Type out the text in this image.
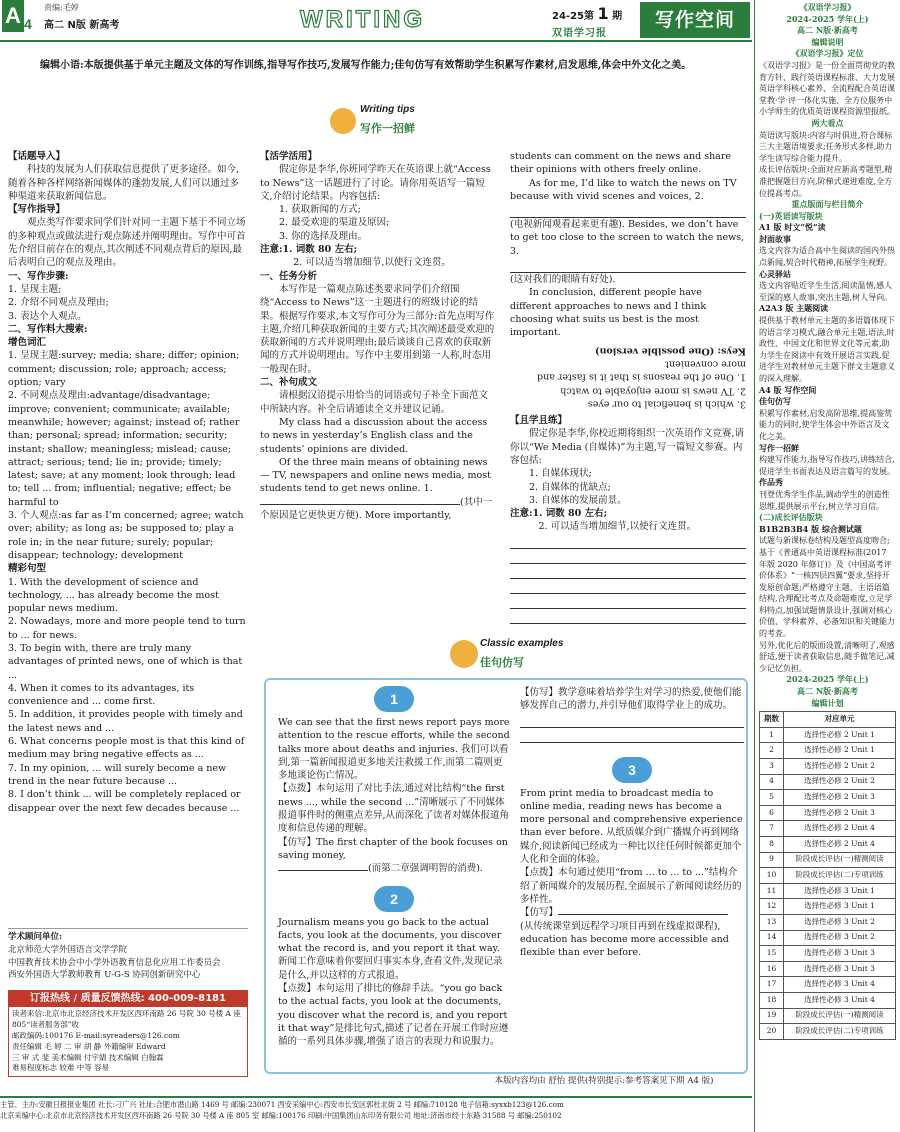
A 4
责编:毛婷
高二 N版 新高考	WRITING	24-25第 1 期
双语学习报
写作空间
编辑小语:本版提供基于单元主题及文体的写作训练,指导写作技巧,发展写作能力;佳句仿写有效帮助学生积累写作素材,启发思维,体会中外文化之美。
Writing tips
写作一招鲜
【话题导入】
科技的发展为人们获取信息提供了更多途径。如今,随着各种各样网络新闻媒体的蓬勃发展,人们可以通过多种渠道来获取新闻信息。
【写作指导】
观点类写作要求同学们针对同一主题下基于不同立场的多种观点或做法进行观点陈述并阐明理由。写作中可首先介绍目前存在的观点,其次阐述不同观点背后的原因,最后表明自己的观点及理由。
一、写作步骤:
1. 呈现主题;
2. 介绍不同观点及理由;
3. 表达个人观点。
二、写作料大搜索:
增色词汇
1. 呈现主题:survey; media; share; differ; opinion; comment; discussion; role; approach; access; option; vary
2. 不同观点及理由:advantage/disadvantage; improve; convenient; communicate; available; meanwhile; however; against; instead of; rather than; personal; spread; information; security; instant; shallow; meaningless; mislead; cause; attract; serious; tend; lie in; provide; timely; latest; save; at any moment; look through; lead to; tell ... from; influential; negative; effect; be harmful to
3. 个人观点:as far as I’m concerned; agree; watch over; ability; as long as; be supposed to; play a role in; in the near future; surely; popular; disappear; technology; development
精彩句型
1. With the development of science and technology, ... has already become the most popular news medium.
2. Nowadays, more and more people tend to turn to ... for news.
3. To begin with, there are truly many advantages of printed news, one of which is that ...
4. When it comes to its advantages, its convenience and ... come first.
5. In addition, it provides people with timely and the latest news and ...
6. What concerns people most is that this kind of medium may bring negative effects as ...
7. In my opinion, ... will surely become a new trend in the near future because ...
8. I don’t think ... will be completely replaced or disappear over the next few decades because ...
【活学活用】
假定你是李华,你班同学昨天在英语课上就“Access to News”这一话题进行了讨论。请你用英语写一篇短文,介绍讨论结果。内容包括:
1. 获取新闻的方式;
2. 最受欢迎的渠道及原因;
3. 你的选择及理由。
注意:1. 词数 80 左右;
2. 可以适当增加细节,以使行文连贯。
一、任务分析
本写作是一篇观点陈述类要求同学们介绍围绕“Access to News”这一主题进行的班级讨论的结果。根据写作要求,本文写作可分为三部分:首先点明写作主题,介绍几种获取新闻的主要方式;其次阐述最受欢迎的获取新闻的方式并说明理由;最后谈谈自己喜欢的获取新闻的方式并说明理由。写作中主要用到第一人称,时态用一般现在时。
二、补句成文
请根据汉语提示用恰当的词语或句子补全下面范文中所缺内容。补全后请通读全文并建议记诵。
My class had a discussion about the access to news in yesterday’s English class and the students’ opinions are divided.
Of the three main means of obtaining news — TV, newspapers and online news media, most students tend to get news online. 1.
(其中一个原因是它更快更方便). More importantly,
students can comment on the news and share their opinions with others freely online.
As for me, I’d like to watch the news on TV because with vivid scenes and voices, 2.
(电视新闻观看起来更有趣). Besides, we don’t have to get too close to the screen to watch the news, 3.
(这对我们的眼睛有好处).
In conclusion, different people have different approaches to news and I think choosing what suits us best is the most important.
3. which is beneficial to our eyes
2. TV news is more enjoyable to watch
1. One of the reasons is that it is faster and more convenient
Keys: (One possible version)
【且学且练】
假定你是李华,你校近期将组织一次英语作文竞赛,请你以“We Media (自媒体)”为主题,写一篇短文参赛。内容包括:
1. 自媒体现状;
2. 自媒体的优缺点;
3. 自媒体的发展前景。
注意:1. 词数 80 左右;
2. 可以适当增加细节,以使行文连贯。
学术顾问单位:
北京师范大学外国语言文学学院
中国教育技术协会中小学外语教育信息化应用工作委员会
西安外国语大学教师教育 U-G-S 协同创新研究中心
订报热线 / 质量反馈热线: 400-009-8181
读者来信:北京市北京经济技术开发区西环南路 26 号院 30 号楼 A 座 805“读者服务部”收
邮政编码:100176 E-mail:syreaders@126.com
责任编辑 毛 婷 二 审 胡 静 外籍编审 Edward
三 审 式 斐 美术编辑 付宇婧 技术编辑 白翰霖
难易程度标志 较难 中等 容易
Classic examples
佳句仿写
1
We can see that the first news report pays more attention to the rescue efforts, while the second talks more about deaths and injuries. 我们可以看到,第一篇新闻报道更多地关注救援工作,而第二篇则更多地谈论伤亡情况。
【点拨】本句运用了对比手法,通过对比结构“the first news ..., while the second ...”清晰展示了不同媒体报道事件时的侧重点差异,从而深化了读者对媒体报道角度和信息传递的理解。
【仿写】The first chapter of the book focuses on saving money,
(而第二章强调明智的消费).
2
Journalism means you go back to the actual facts, you look at the documents, you discover what the record is, and you report it that way. 新闻工作意味着你要回归事实本身,查看文件,发现记录是什么,并以这样的方式报道。
【点拨】本句运用了排比的修辞手法。“you go back to the actual facts, you look at the documents, you discover what the record is, and you report it that way”是排比句式,描述了记者在开展工作时应遵循的一系列具体步骤,增强了语言的表现力和说服力。
【仿写】教学意味着培养学生对学习的热爱,使他们能够发挥自己的潜力,并引导他们取得学业上的成功。
3
From print media to broadcast media to online media, reading news has become a more personal and comprehensive experience than ever before. 从纸质媒介到广播媒介再到网络媒介,阅读新闻已经成为一种比以往任何时候都更加个人化和全面的体验。
【点拨】本句通过使用“from ... to ... to ...”结构介绍了新闻媒介的发展历程,全面展示了新闻阅读经历的多样性。
【仿写】
(从传统课堂到远程学习项目再到在线虚拟课程), education has become more accessible and flexible than ever before.
本版内容均由 舒怡 提供(特别提示:参考答案见下期 A4 版)
主管、主办:安徽日报报业集团 社长:刁广兴 社址:合肥市潜山路 1469 号 邮编:230071 西安采编中心:西安市长安区郭杜北街 2 号 邮编:710128 电子信箱:syxxb123@126.com
北京采编中心:北京市北京经济技术开发区西环南路 26 号院 30 号楼 A 座 805 室 邮编:100176 印刷:中国集团山东印务有限公司 地址:济南市经十东路 31588 号 邮编:250102

《双语学习报》

2024-2025 学年(上)

高二 N版·新高考

编辑说明

《双语学习报》定位

《双语学习报》是一份全面贯彻党的教育方针、践行英语课程标准、大力发展英语学科核心素养、全流程配合英语课堂教·学·评一体化实施、全方位服务中小学师生的优质英语课程资源型报纸。

两大看点

英语读写版块:内容与时俱进,符合课标三大主题语境要求;任务形式多样,助力学生读写综合能力提升。

成长评估版块:全面对应新高考题型,精准把握题目方向,阶梯式递进难度,全方位提高考点。

重点版面与栏目简介

(一)英语读写版块

A1 版 时文“悦”读

封面故事

选文内容为适合高中生阅读的国内外热点新闻,契合时代精神,拓展学生视野。

心灵驿站

选文内容贴近学生生活,阅读温情,感人至深的感人故事,突出主题,树人导向。

A2A3 版 主题阅读

提供基于教材单元主题的多语篇体现下的语言学习模式,融合单元主题,语法,时政性、中国文化和世界文化等元素,助力学生在阅读中有效开展语言实践,促进学生对教材单元主题下群文主题意义的深入理解。

A4 版 写作空间

佳句仿写

积累写作素材,启发高阶思维,提高鉴赏能力的同时,使学生体会中外语言及文化之美。

写作一招鲜

构建写作能力,指导写作技巧,讲练结合,促进学生书面表达及语言篇写的发展。

作品秀

刊登优秀学生作品,调动学生的创造性思维,提供展示平台,树立学习自信。

(二)成长评估版块

B1B2B3B4 版 综合测试题

试题与新课标卷结构及题型高度吻合;基于《普通高中英语课程标准(2017 年版 2020 年修订)》及《中国高考评价体系》“一核四层四翼”要求,坚持开发原创命题;严格遵守主题、主语语篇结构,合理配比考点及命题难度,立足学科特点,加强试题情景设计,强调对核心价值、学科素养、必备知识和关键能力的考查。

另外,优化后的版面设置,清晰明了,观感舒适,便于读者获取信息,随手做笔记,减少记忆负担。

2024-2025 学年(上)

高二 N版·新高考

编辑计划

期数	对应单元
1	选择性必修 2 Unit 1
2	选择性必修 2 Unit 1
3	选择性必修 2 Unit 2
4	选择性必修 2 Unit 2
5	选择性必修 2 Unit 3
6	选择性必修 2 Unit 3
7	选择性必修 2 Unit 4
8	选择性必修 2 Unit 4
9	阶段成长评估(一)精测阅读
10	阶段成长评估(二)专项训练
11	选择性必修 3 Unit 1
12	选择性必修 3 Unit 1
13	选择性必修 3 Unit 2
14	选择性必修 3 Unit 2
15	选择性必修 3 Unit 3
16	选择性必修 3 Unit 3
17	选择性必修 3 Unit 4
18	选择性必修 3 Unit 4
19	阶段成长评估(一)精测阅读
20	阶段成长评估(二)专项训练
